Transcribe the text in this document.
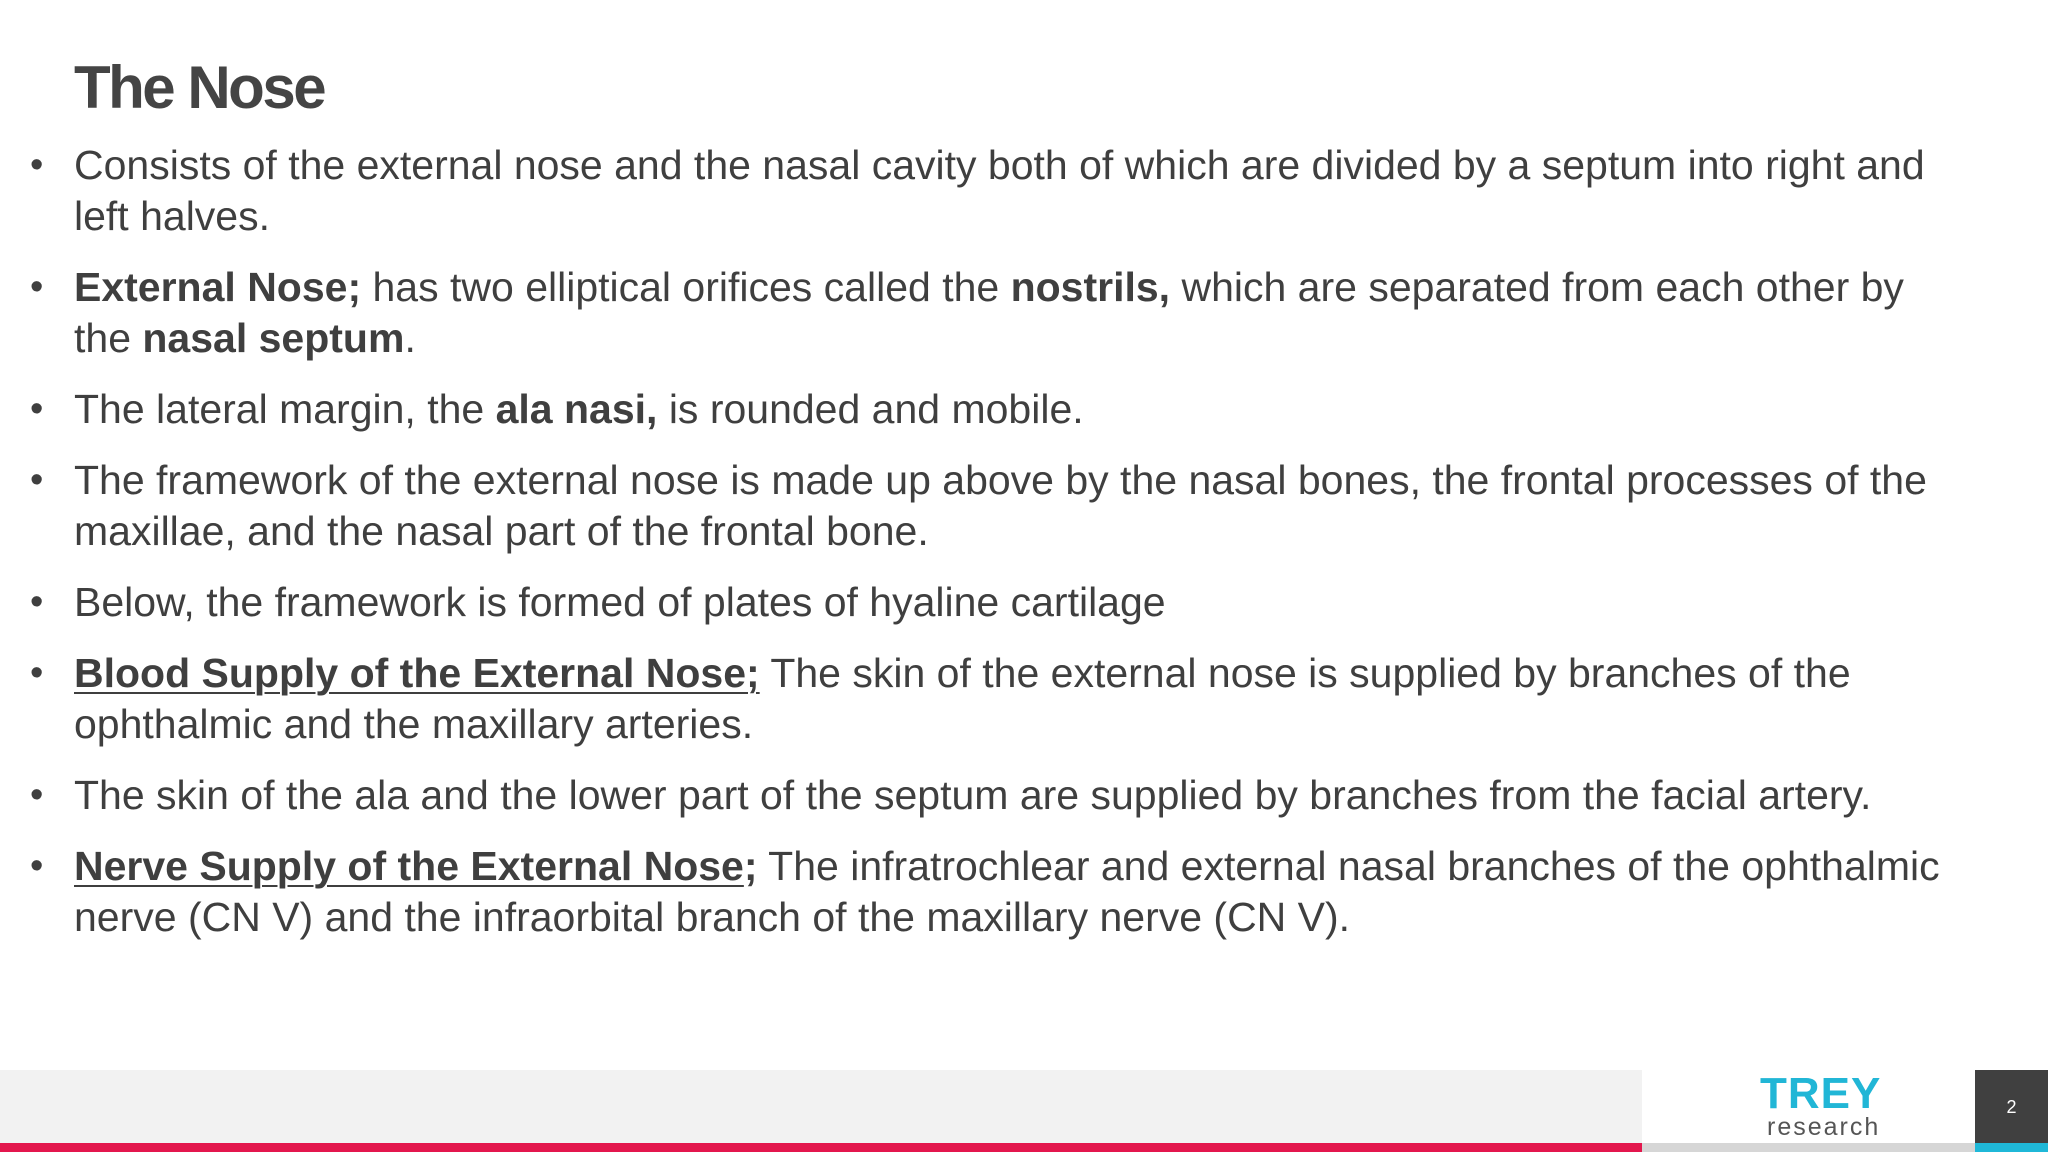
The Nose
• Consists of the external nose and the nasal cavity both of which are divided by a septum into right and left halves.
• External Nose; has two elliptical orifices called the nostrils, which are separated from each other by the nasal septum.
• The lateral margin, the ala nasi, is rounded and mobile.
• The framework of the external nose is made up above by the nasal bones, the frontal processes of the maxillae, and the nasal part of the frontal bone.
• Below, the framework is formed of plates of hyaline cartilage
• Blood Supply of the External Nose; The skin of the external nose is supplied by branches of the ophthalmic and the maxillary arteries.
• The skin of the ala and the lower part of the septum are supplied by branches from the facial artery.
• Nerve Supply of the External Nose; The infratrochlear and external nasal branches of the ophthalmic nerve (CN V) and the infraorbital branch of the maxillary nerve (CN V).
TREY
research
2
